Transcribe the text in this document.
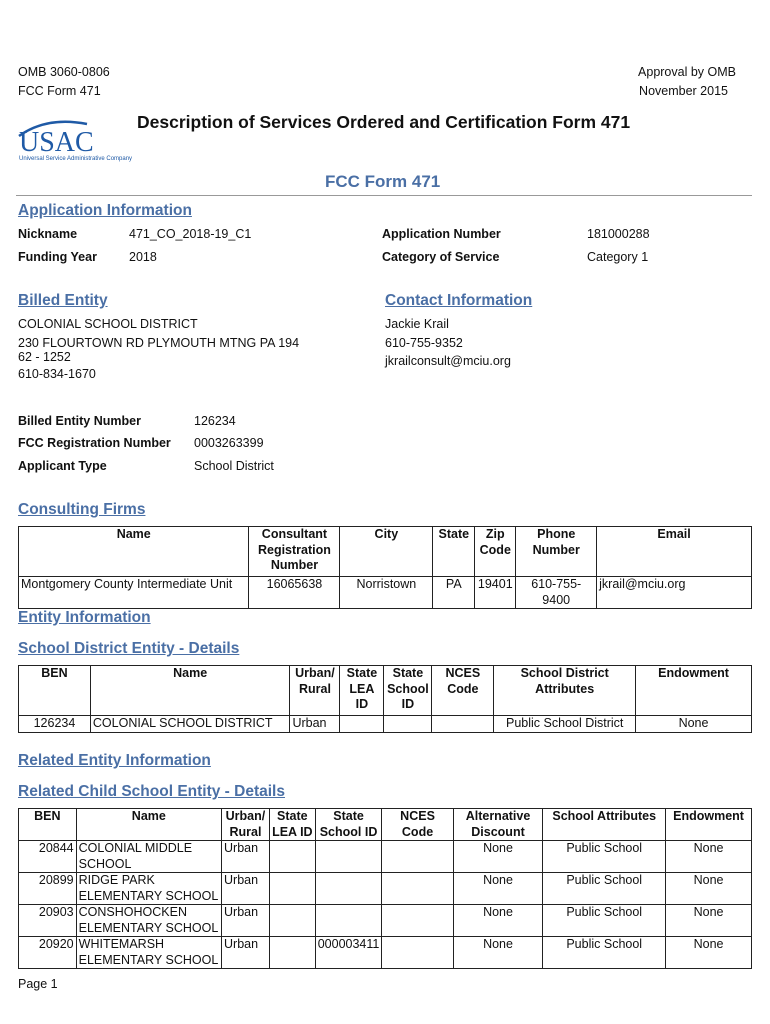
OMB 3060-0806
FCC Form 471
Approval by OMB
November 2015
USAC
Universal Service Administrative Company
Description of Services Ordered and Certification Form 471
FCC Form 471
Application Information
Nickname	471_CO_2018-19_C1	Application Number	181000288
Funding Year	2018	Category of Service	Category 1
Billed Entity
COLONIAL SCHOOL DISTRICT
230 FLOURTOWN RD PLYMOUTH MTNG PA 194
62 - 1252
610-834-1670
Contact Information
Jackie Krail
610-755-9352
jkrailconsult@mciu.org
Billed Entity Number	126234
FCC Registration Number 0003263399
Applicant Type	School District
Consulting Firms
Name	Consultant Registration Number	City	State	Zip Code	Phone Number	Email
Montgomery County Intermediate Unit	16065638	Norristown	PA	19401	610-755-9400	jkrail@mciu.org
Entity Information
School District Entity - Details
BEN	Name	Urban/ Rural	State LEA ID	State School ID	NCES Code	School District Attributes	Endowment
126234	COLONIAL SCHOOL DISTRICT	Urban				Public School District	None
Related Entity Information
Related Child School Entity - Details
BEN	Name	Urban/ Rural	State LEA ID	State School ID	NCES Code	Alternative Discount	School Attributes	Endowment
20844	COLONIAL MIDDLE SCHOOL	Urban				None	Public School	None
20899	RIDGE PARK ELEMENTARY SCHOOL	Urban				None	Public School	None
20903	CONSHOHOCKEN ELEMENTARY SCHOOL	Urban				None	Public School	None
20920	WHITEMARSH ELEMENTARY SCHOOL	Urban		000003411		None	Public School	None
Page 1
